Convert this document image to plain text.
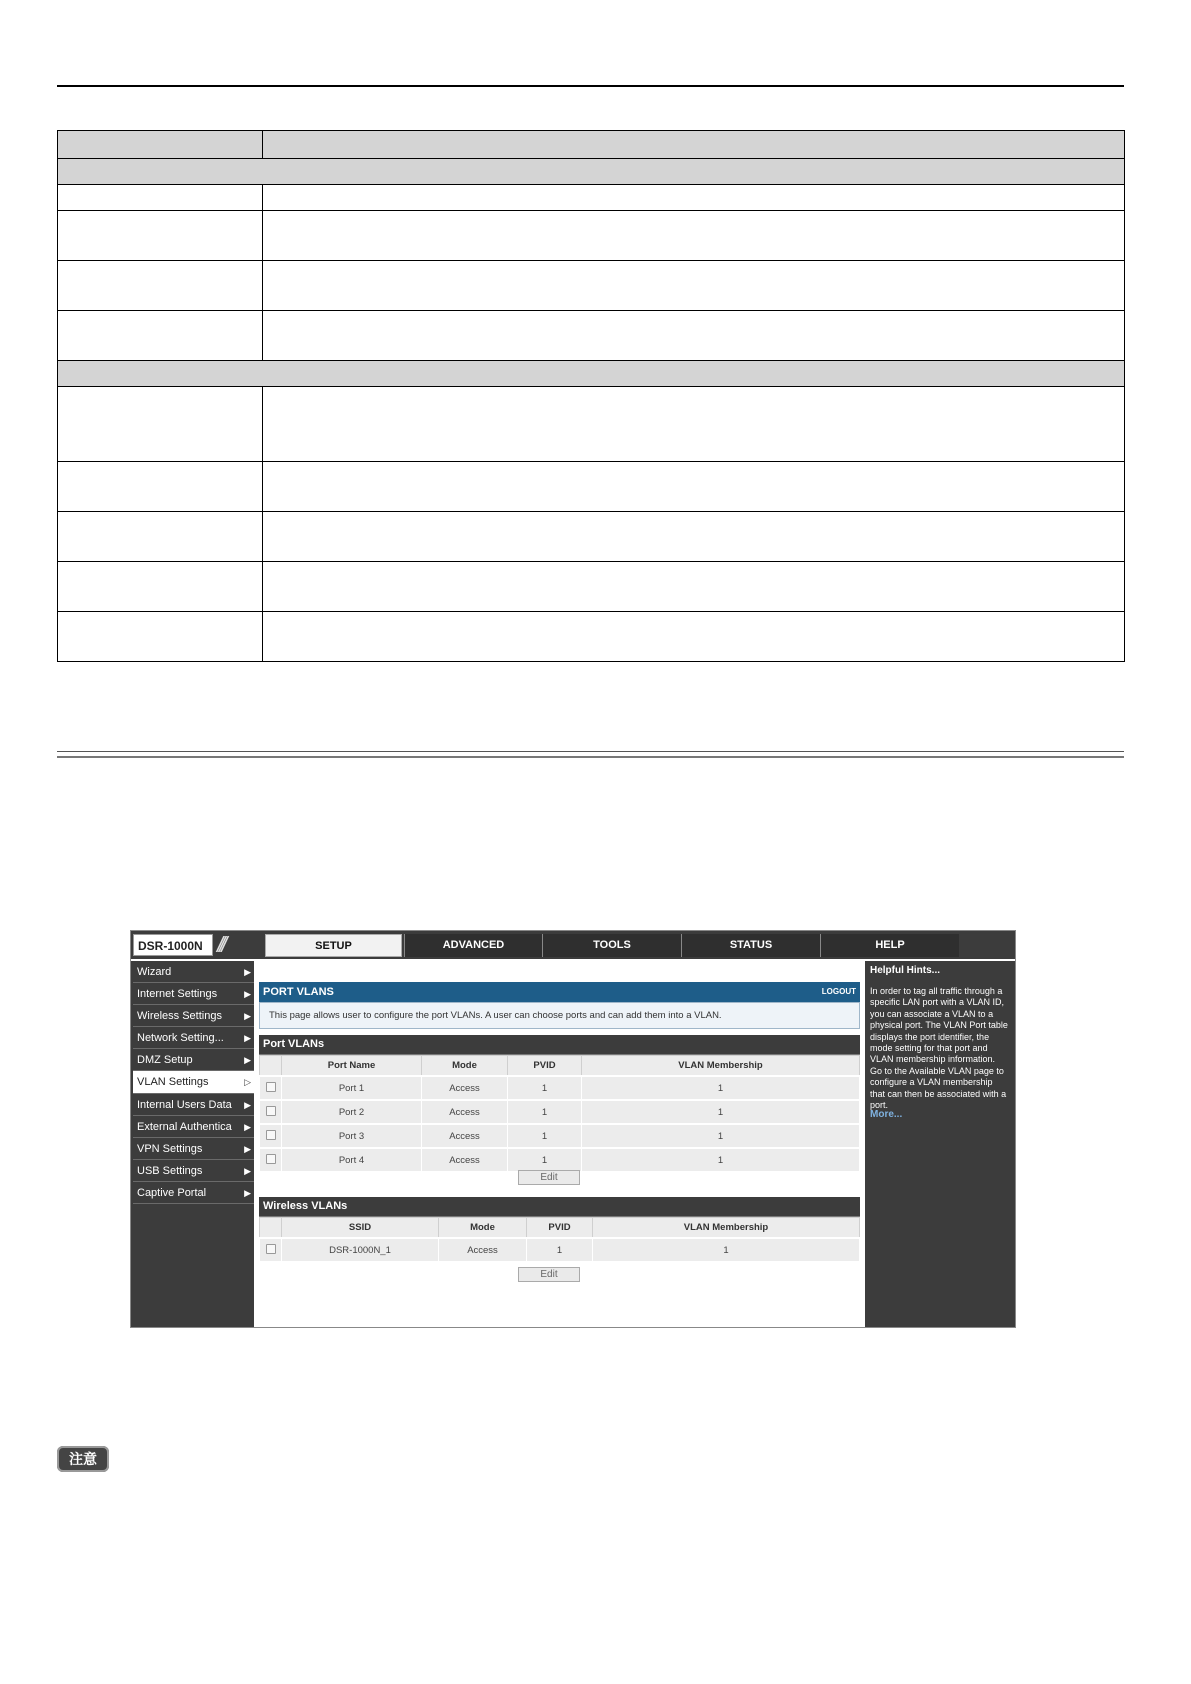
DSR-1000N ///	SETUP	ADVANCED	TOOLS	STATUS	HELP
Wizard	▶
Internet Settings	▶
Wireless Settings ▶
Network Setting... ▶
DMZ Setup	▶
VLAN Settings	▷
Internal Users Data ▶
External Authentica ▶
VPN Settings	▶
USB Settings	▶
Captive Portal	▶
PORT VLANS	LOGOUT
This page allows user to configure the port VLANs. A user can choose ports and can add them into a VLAN.
Port VLANs
	Port Name	Mode	PVID	VLAN Membership
	Port 1	Access	1	1
	Port 2	Access	1	1
	Port 3	Access	1	1
	Port 4	Access	1	1
Edit
Wireless VLANs
	SSID	Mode	PVID	VLAN Membership
	DSR-1000N_1	Access	1	1
Edit
Helpful Hints...
In order to tag all traffic through a specific LAN port with a VLAN ID, you can associate a VLAN to a physical port. The VLAN Port table displays the port identifier, the mode setting for that port and VLAN membership information. Go to the Available VLAN page to configure a VLAN membership that can then be associated with a port.
More...
注意
